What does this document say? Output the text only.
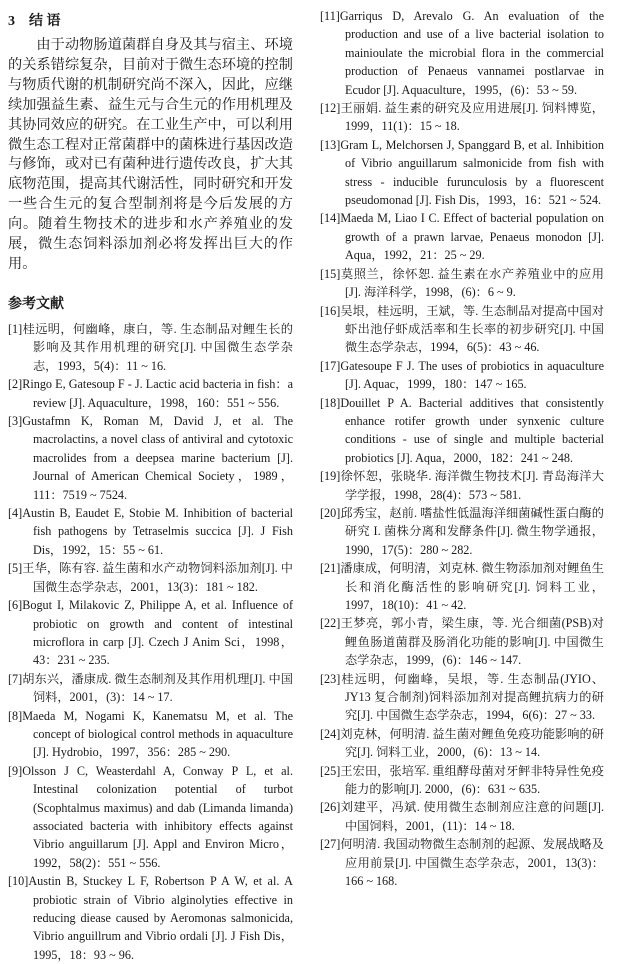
3 结 语

由于动物肠道菌群自身及其与宿主、环境的关系错综复杂，目前对于微生态环境的控制与物质代谢的机制研究尚不深入，因此，应继续加强益生素、益生元与合生元的作用机理及其协同效应的研究。在工业生产中，可以利用微生态工程对正常菌群中的菌株进行基因改造与修饰，或对已有菌种进行遗传改良，扩大其底物范围，提高其代谢活性，同时研究和开发一些合生元的复合型制剂将是今后发展的方向。随着生物技术的进步和水产养殖业的发展，微生态饲料添加剂必将发挥出巨大的作用。

参考文献

[1]桂远明，何幽峰，康白，等. 生态制品对鲤生长的影响及其作用机理的研究[J]. 中国微生态学杂志，1993，5(4)：11 ~ 16.

[2]Ringo E, Gatesoup F - J. Lactic acid bacteria in fish：a review [J]. Aquaculture，1998，160：551 ~ 556.

[3]Gustafmn K, Roman M, David J, et al. The macrolactins, a novel class of antiviral and cytotoxic macrolides from a deepsea marine bacterium [J]. Journal of American Chemical Society，1989，111：7519 ~ 7524.

[4]Austin B, Eaudet E, Stobie M. Inhibition of bacterial fish pathogens by Tetraselmis succica [J]. J Fish Dis，1992，15：55 ~ 61.

[5]王华，陈有容. 益生菌和水产动物饲料添加剂[J]. 中国微生态学杂志，2001，13(3)：181 ~ 182.

[6]Bogut I, Milakovic Z, Philippe A, et al. Influence of probiotic on growth and content of intestinal microflora in carp [J]. Czech J Anim Sci，1998，43：231 ~ 235.

[7]胡东兴，潘康成. 微生态制剂及其作用机理[J]. 中国饲料，2001，(3)：14 ~ 17.

[8]Maeda M, Nogami K, Kanematsu M, et al. The concept of biological control methods in aquaculture [J]. Hydrobio，1997，356：285 ~ 290.

[9]Olsson J C, Weasterdahl A, Conway P L, et al. Intestinal colonization potential of turbot (Scophtalmus maximus) and dab (Limanda limanda) associated bacteria with inhibitory effects against Vibrio anguillarum [J]. Appl and Environ Micro，1992，58(2)：551 ~ 556.

[10]Austin B, Stuckey L F, Robertson P A W, et al. A probiotic strain of Vibrio alginolyties effective in reducing diease caused by Aeromonas salmonicida, Vibrio anguillrum and Vibrio ordali [J]. J Fish Dis，1995，18：93 ~ 96.

[11]Garriqus D, Arevalo G. An evaluation of the production and use of a live bacterial isolation to mainioulate the microbial flora in the commercial production of Penaeus vannamei postlarvae in Ecudor [J]. Aquaculture，1995，(6)：53 ~ 59.

[12]王丽娟. 益生素的研究及应用进展[J]. 饲料博览，1999，11(1)：15 ~ 18.

[13]Gram L, Melchorsen J, Spanggard B, et al. Inhibition of Vibrio anguillarum salmonicide from fish with stress - inducible furunculosis by a fluorescent pseudomonad [J]. Fish Dis，1993，16：521 ~ 524.

[14]Maeda M, Liao I C. Effect of bacterial population on growth of a prawn larvae, Penaeus monodon [J]. Aqua，1992，21：25 ~ 29.

[15]莫照兰，徐怀恕. 益生素在水产养殖业中的应用[J]. 海洋科学，1998，(6)：6 ~ 9.

[16]吴垠，桂远明，王斌，等. 生态制品对提高中国对虾出池仔虾成活率和生长率的初步研究[J]. 中国微生态学杂志，1994，6(5)：43 ~ 46.

[17]Gatesoupe F J. The uses of probiotics in aquaculture [J]. Aquac，1999，180：147 ~ 165.

[18]Douillet P A. Bacterial additives that consistently enhance rotifer growth under synxenic culture conditions - use of single and multiple bacterial probiotics [J]. Aqua，2000，182：241 ~ 248.

[19]徐怀恕，张晓华. 海洋微生物技术[J]. 青岛海洋大学学报，1998，28(4)：573 ~ 581.

[20]邱秀宝，赵前. 嗜盐性低温海洋细菌碱性蛋白酶的研究 I. 菌株分离和发酵条件[J]. 微生物学通报，1990，17(5)：280 ~ 282.

[21]潘康成，何明清，刘克林. 微生物添加剂对鲤鱼生长和消化酶活性的影响研究[J]. 饲料工业，1997，18(10)：41 ~ 42.

[22]王梦亮，郭小青，梁生康，等. 光合细菌(PSB)对鲤鱼肠道菌群及肠消化功能的影响[J]. 中国微生态学杂志，1999，(6)：146 ~ 147.

[23]桂远明，何幽峰，吴垠，等. 生态制品(JYIO、JY13 复合制剂)饲料添加剂对提高鲤抗病力的研究[J]. 中国微生态学杂志，1994，6(6)：27 ~ 33.

[24]刘克林，何明清. 益生菌对鲤鱼免疫功能影响的研究[J]. 饲料工业，2000，(6)：13 ~ 14.

[25]王宏田，张培军. 重组酵母菌对牙鲆非特异性免疫能力的影响[J]. 2000，(6)：631 ~ 635.

[26]刘建平，冯斌. 使用微生态制剂应注意的问题[J]. 中国饲料，2001，(11)：14 ~ 18.

[27]何明清. 我国动物微生态制剂的起源、发展战略及应用前景[J]. 中国微生态学杂志，2001，13(3)：166 ~ 168.
